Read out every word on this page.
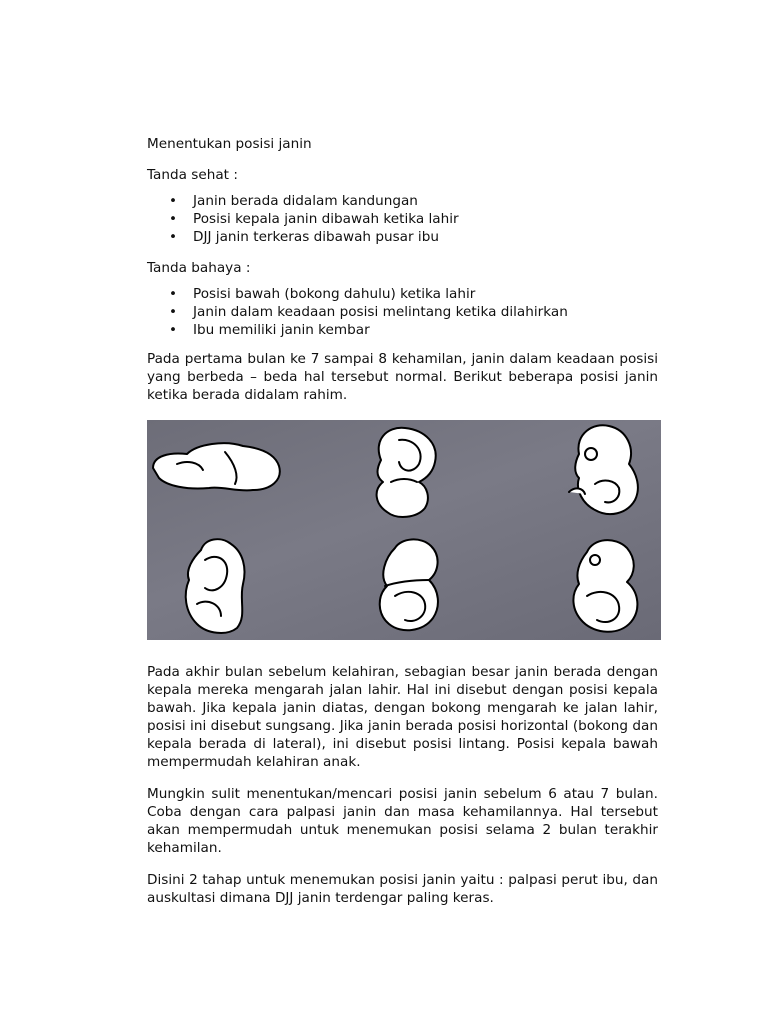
Menentukan posisi janin
Tanda sehat :
• Janin berada didalam kandungan
• Posisi kepala janin dibawah ketika lahir
• DJJ janin terkeras dibawah pusar ibu
Tanda bahaya :
• Posisi bawah (bokong dahulu) ketika lahir
• Janin dalam keadaan posisi melintang ketika dilahirkan
• Ibu memiliki janin kembar

Pada pertama bulan ke 7 sampai 8 kehamilan, janin dalam keadaan posisi yang berbeda – beda hal tersebut normal. Berikut beberapa posisi janin ketika berada didalam rahim.

Pada akhir bulan sebelum kelahiran, sebagian besar janin berada dengan kepala mereka mengarah jalan lahir. Hal ini disebut dengan posisi kepala bawah. Jika kepala janin diatas, dengan bokong mengarah ke jalan lahir, posisi ini disebut sungsang. Jika janin berada posisi horizontal (bokong dan kepala berada di lateral), ini disebut posisi lintang. Posisi kepala bawah mempermudah kelahiran anak.

Mungkin sulit menentukan/mencari posisi janin sebelum 6 atau 7 bulan. Coba dengan cara palpasi janin dan masa kehamilannya. Hal tersebut akan mempermudah untuk menemukan posisi selama 2 bulan terakhir kehamilan.

Disini 2 tahap untuk menemukan posisi janin yaitu : palpasi perut ibu, dan auskultasi dimana DJJ janin terdengar paling keras.
